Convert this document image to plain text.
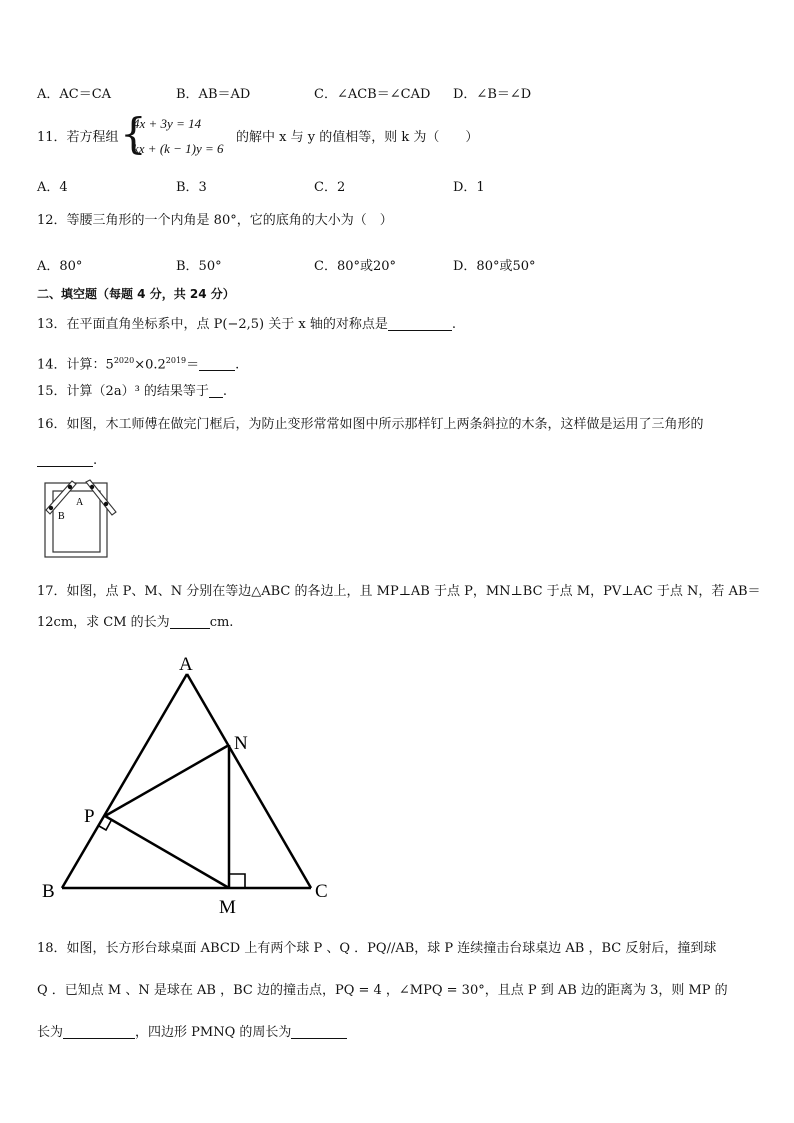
A．AC＝CA	B．AB＝AD	C．∠ACB＝∠CAD D．∠B＝∠D
11．若方程组 {
4x + 3y = 14
kx + (k − 1)y = 6
的解中 x 与 y 的值相等，则 k 为（　　）
A．4	B．3	C．2	D．1
12．等腰三角形的一个内角是 80°，它的底角的大小为（　）
A．80°	B．50°	C．80°或20°	D．80°或50°
二、填空题（每题 4 分，共 24 分）
13．在平面直角坐标系中，点 P(−2,5) 关于 x 轴的对称点是	.
14．计算：$5^{2020}\times 0.2^{2019}=$	.
15．计算（2a）³ 的结果等于 .
16．如图，木工师傅在做完门框后，为防止变形常常如图中所示那样钉上两条斜拉的木条，这样做是运用了三角形的
.
A
B
17．如图，点 P、M、N 分别在等边△ABC 的各边上，且 MP⊥AB 于点 P，MN⊥BC 于点 M，PV⊥AC 于点 N，若 AB＝
12cm，求 CM 的长为	cm.
A
B	C
N
P
M
18．如图，长方形台球桌面 ABCD 上有两个球 P 、Q ．PQ//AB，球 P 连续撞击台球桌边 AB ，BC 反射后，撞到球
Q ．已知点 M 、N 是球在 AB ，BC 边的撞击点，PQ = 4 ，∠MPQ = 30°，且点 P 到 AB 边的距离为 3，则 MP 的
长为	，四边形 PMNQ 的周长为
